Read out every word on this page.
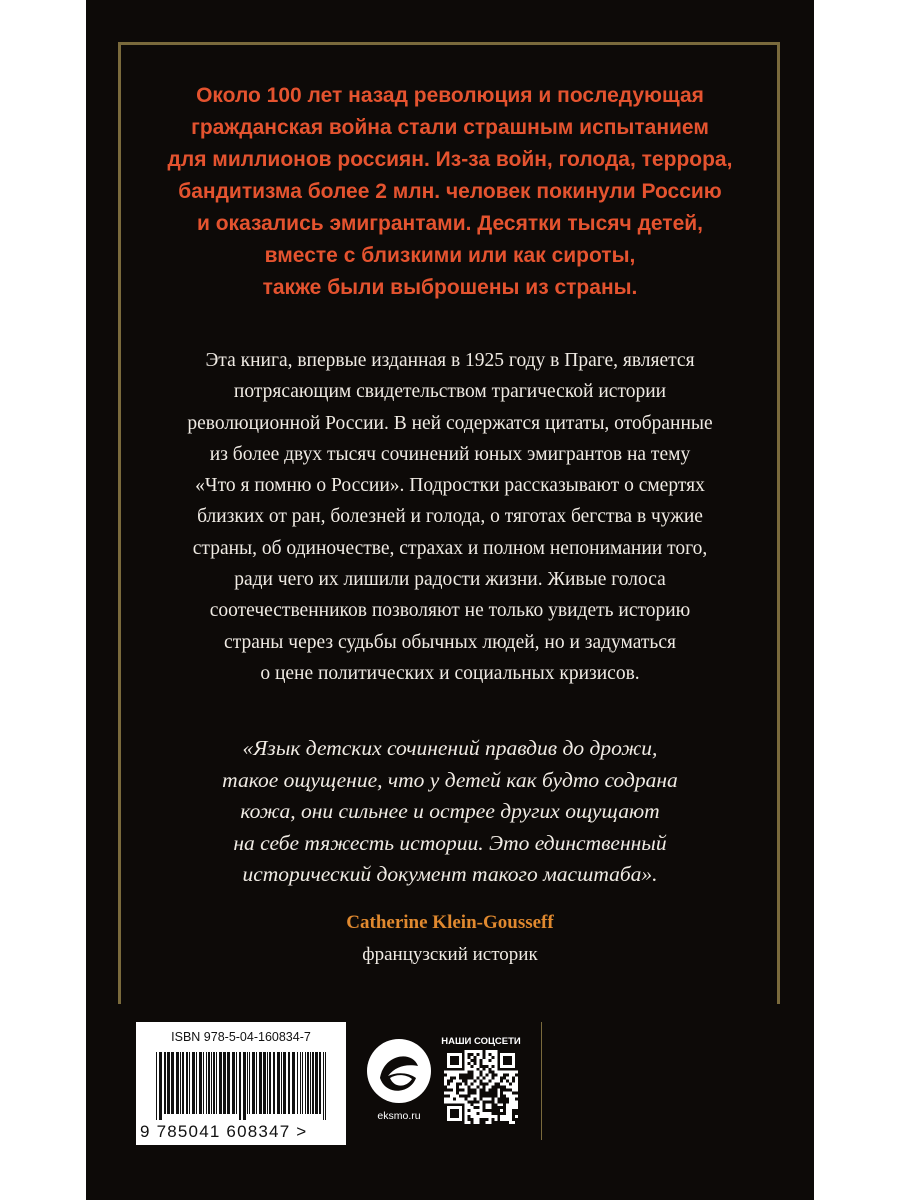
Около 100 лет назад революция и последующая
гражданская война стали страшным испытанием
для миллионов россиян. Из-за войн, голода, террора,
бандитизма более 2 млн. человек покинули Россию
и оказались эмигрантами. Десятки тысяч детей,
вместе с близкими или как сироты,
также были выброшены из страны.
Эта книга, впервые изданная в 1925 году в Праге, является
потрясающим свидетельством трагической истории
революционной России. В ней содержатся цитаты, отобранные
из более двух тысяч сочинений юных эмигрантов на тему
«Что я помню о России». Подростки рассказывают о смертях
близких от ран, болезней и голода, о тяготах бегства в чужие
страны, об одиночестве, страхах и полном непонимании того,
ради чего их лишили радости жизни. Живые голоса
соотечественников позволяют не только увидеть историю
страны через судьбы обычных людей, но и задуматься
о цене политических и социальных кризисов.
«Язык детских сочинений правдив до дрожи,
такое ощущение, что у детей как будто содрана
кожа, они сильнее и острее других ощущают
на себе тяжесть истории. Это единственный
исторический документ такого масштаба».
Catherine Klein-Gousseff
французский историк
ISBN 978-5-04-160834-7
9 785041 608347 >
eksmo.ru
НАШИ СОЦСЕТИ
